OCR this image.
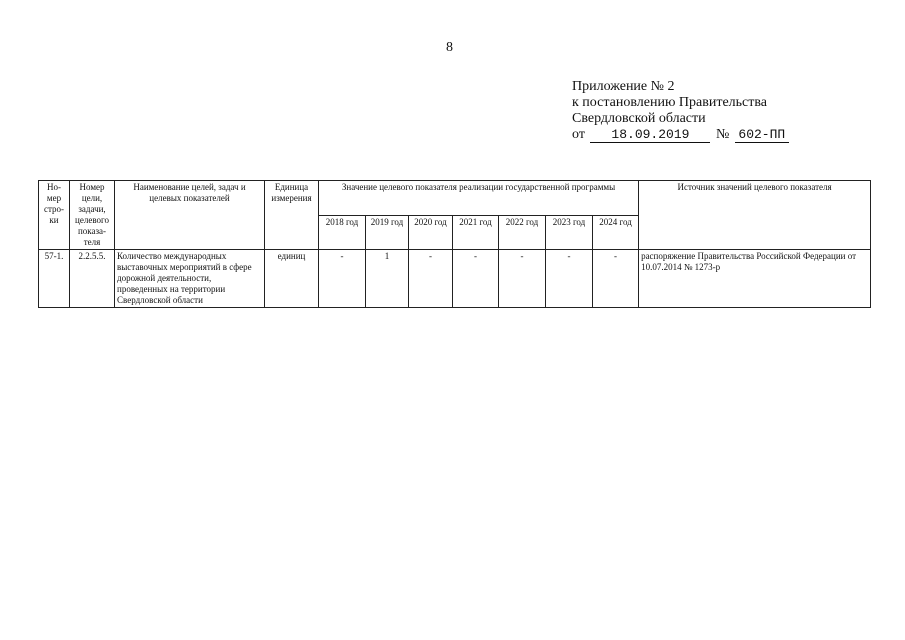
8
Приложение № 2
к постановлению Правительства
Свердловской области
от 18.09.2019 № 602-ПП
Но-мер стро-ки	Номер цели, задачи, целевого показа-теля	Наименование целей, задач и целевых показателей	Единица измерения	Значение целевого показателя реализации государственной программы							Источник значений целевого показателя
				2018 год	2019 год	2020 год	2021 год	2022 год	2023 год	2024 год	
57-1.	2.2.5.5.	Количество международных выставочных мероприятий в сфере дорожной деятельности, проведенных на территории Свердловской области	единиц	-	1	-	-	-	-	-	распоряжение Правительства Российской Федерации от 10.07.2014 № 1273-р
